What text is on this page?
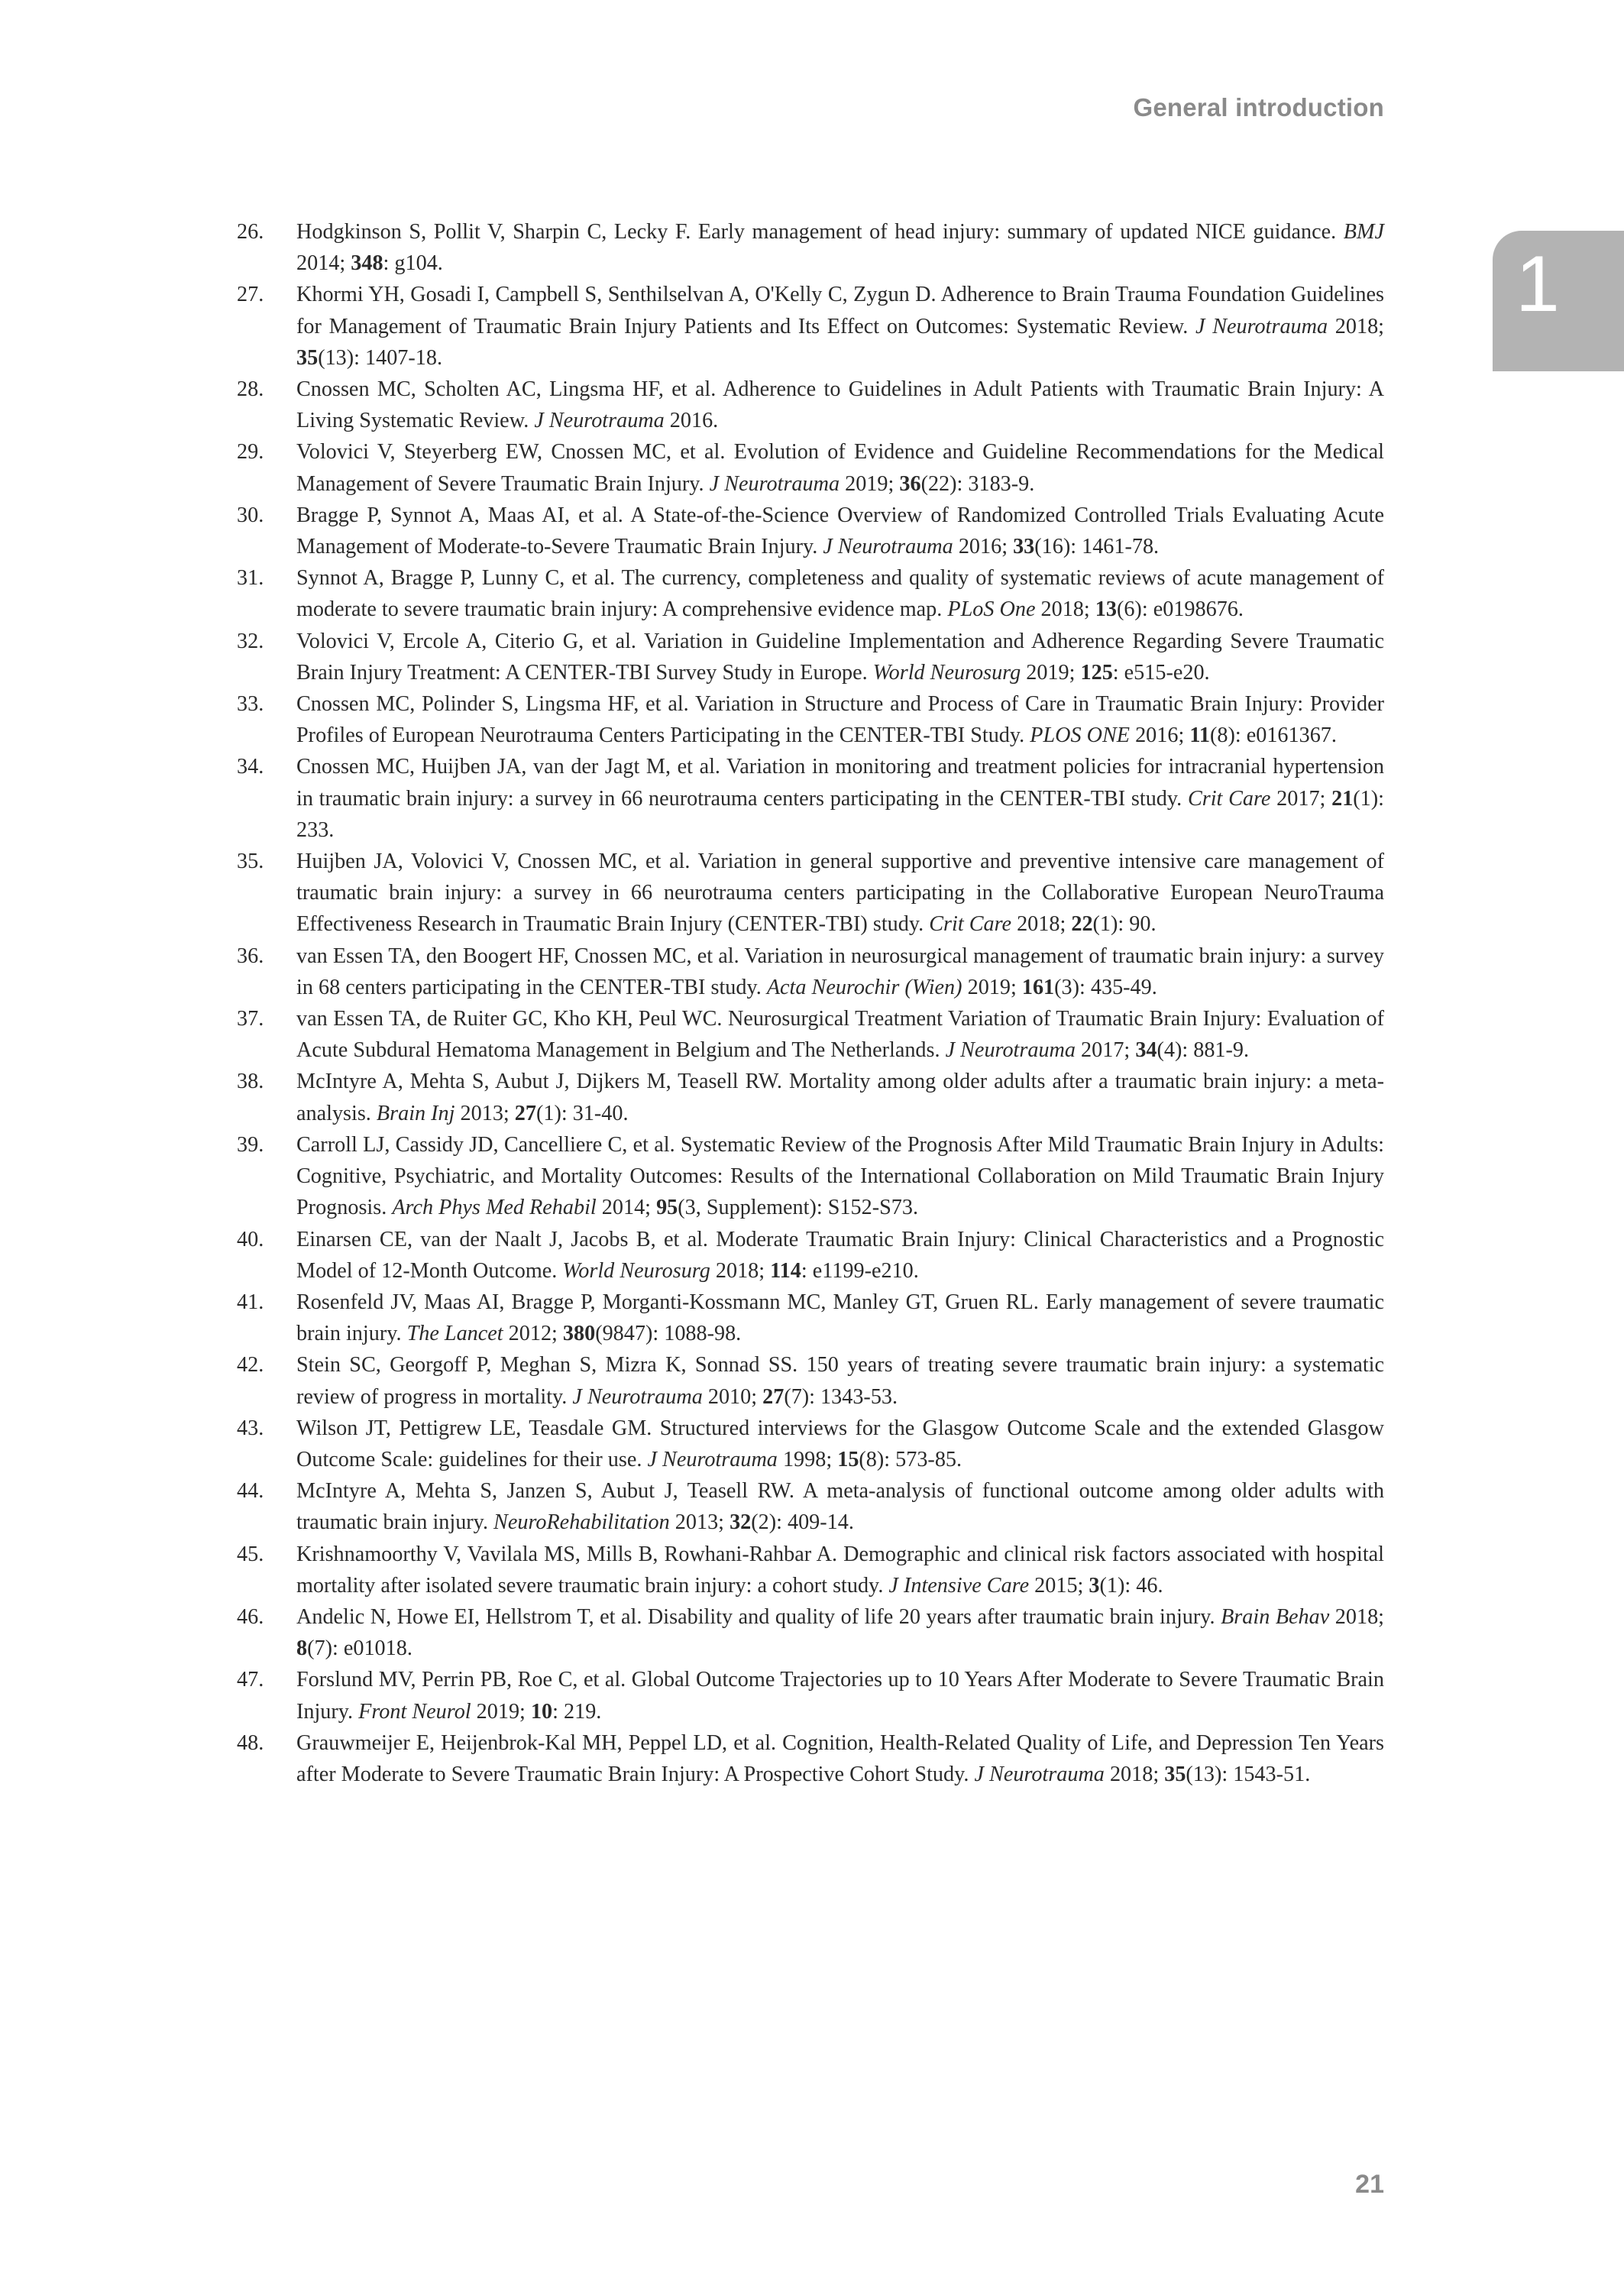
General introduction
1
26. Hodgkinson S, Pollit V, Sharpin C, Lecky F. Early management of head injury: summary of updated NICE guidance. BMJ 2014; 348: g104.
27. Khormi YH, Gosadi I, Campbell S, Senthilselvan A, O'Kelly C, Zygun D. Adherence to Brain Trauma Foundation Guidelines for Management of Traumatic Brain Injury Patients and Its Effect on Outcomes: Systematic Review. J Neurotrauma 2018; 35(13): 1407-18.
28. Cnossen MC, Scholten AC, Lingsma HF, et al. Adherence to Guidelines in Adult Patients with Traumatic Brain Injury: A Living Systematic Review. J Neurotrauma 2016.
29. Volovici V, Steyerberg EW, Cnossen MC, et al. Evolution of Evidence and Guideline Recommendations for the Medical Management of Severe Traumatic Brain Injury. J Neurotrauma 2019; 36(22): 3183-9.
30. Bragge P, Synnot A, Maas AI, et al. A State-of-the-Science Overview of Randomized Controlled Trials Evaluating Acute Management of Moderate-to-Severe Traumatic Brain Injury. J Neurotrauma 2016; 33(16): 1461-78.
31. Synnot A, Bragge P, Lunny C, et al. The currency, completeness and quality of systematic reviews of acute management of moderate to severe traumatic brain injury: A comprehensive evidence map. PLoS One 2018; 13(6): e0198676.
32. Volovici V, Ercole A, Citerio G, et al. Variation in Guideline Implementation and Adherence Regarding Severe Traumatic Brain Injury Treatment: A CENTER-TBI Survey Study in Europe. World Neurosurg 2019; 125: e515-e20.
33. Cnossen MC, Polinder S, Lingsma HF, et al. Variation in Structure and Process of Care in Traumatic Brain Injury: Provider Profiles of European Neurotrauma Centers Participating in the CENTER-TBI Study. PLOS ONE 2016; 11(8): e0161367.
34. Cnossen MC, Huijben JA, van der Jagt M, et al. Variation in monitoring and treatment policies for intracranial hypertension in traumatic brain injury: a survey in 66 neurotrauma centers participating in the CENTER-TBI study. Crit Care 2017; 21(1): 233.
35. Huijben JA, Volovici V, Cnossen MC, et al. Variation in general supportive and preventive intensive care management of traumatic brain injury: a survey in 66 neurotrauma centers participating in the Collaborative European NeuroTrauma Effectiveness Research in Traumatic Brain Injury (CENTER-TBI) study. Crit Care 2018; 22(1): 90.
36. van Essen TA, den Boogert HF, Cnossen MC, et al. Variation in neurosurgical management of traumatic brain injury: a survey in 68 centers participating in the CENTER-TBI study. Acta Neurochir (Wien) 2019; 161(3): 435-49.
37. van Essen TA, de Ruiter GC, Kho KH, Peul WC. Neurosurgical Treatment Variation of Traumatic Brain Injury: Evaluation of Acute Subdural Hematoma Management in Belgium and The Netherlands. J Neurotrauma 2017; 34(4): 881-9.
38. McIntyre A, Mehta S, Aubut J, Dijkers M, Teasell RW. Mortality among older adults after a traumatic brain injury: a meta-analysis. Brain Inj 2013; 27(1): 31-40.
39. Carroll LJ, Cassidy JD, Cancelliere C, et al. Systematic Review of the Prognosis After Mild Traumatic Brain Injury in Adults: Cognitive, Psychiatric, and Mortality Outcomes: Results of the International Collaboration on Mild Traumatic Brain Injury Prognosis. Arch Phys Med Rehabil 2014; 95(3, Supplement): S152-S73.
40. Einarsen CE, van der Naalt J, Jacobs B, et al. Moderate Traumatic Brain Injury: Clinical Characteristics and a Prognostic Model of 12-Month Outcome. World Neurosurg 2018; 114: e1199-e210.
41. Rosenfeld JV, Maas AI, Bragge P, Morganti-Kossmann MC, Manley GT, Gruen RL. Early management of severe traumatic brain injury. The Lancet 2012; 380(9847): 1088-98.
42. Stein SC, Georgoff P, Meghan S, Mizra K, Sonnad SS. 150 years of treating severe traumatic brain injury: a systematic review of progress in mortality. J Neurotrauma 2010; 27(7): 1343-53.
43. Wilson JT, Pettigrew LE, Teasdale GM. Structured interviews for the Glasgow Outcome Scale and the extended Glasgow Outcome Scale: guidelines for their use. J Neurotrauma 1998; 15(8): 573-85.
44. McIntyre A, Mehta S, Janzen S, Aubut J, Teasell RW. A meta-analysis of functional outcome among older adults with traumatic brain injury. NeuroRehabilitation 2013; 32(2): 409-14.
45. Krishnamoorthy V, Vavilala MS, Mills B, Rowhani-Rahbar A. Demographic and clinical risk factors associated with hospital mortality after isolated severe traumatic brain injury: a cohort study. J Intensive Care 2015; 3(1): 46.
46. Andelic N, Howe EI, Hellstrom T, et al. Disability and quality of life 20 years after traumatic brain injury. Brain Behav 2018; 8(7): e01018.
47. Forslund MV, Perrin PB, Roe C, et al. Global Outcome Trajectories up to 10 Years After Moderate to Severe Traumatic Brain Injury. Front Neurol 2019; 10: 219.
48. Grauwmeijer E, Heijenbrok-Kal MH, Peppel LD, et al. Cognition, Health-Related Quality of Life, and Depression Ten Years after Moderate to Severe Traumatic Brain Injury: A Prospective Cohort Study. J Neurotrauma 2018; 35(13): 1543-51.
21
